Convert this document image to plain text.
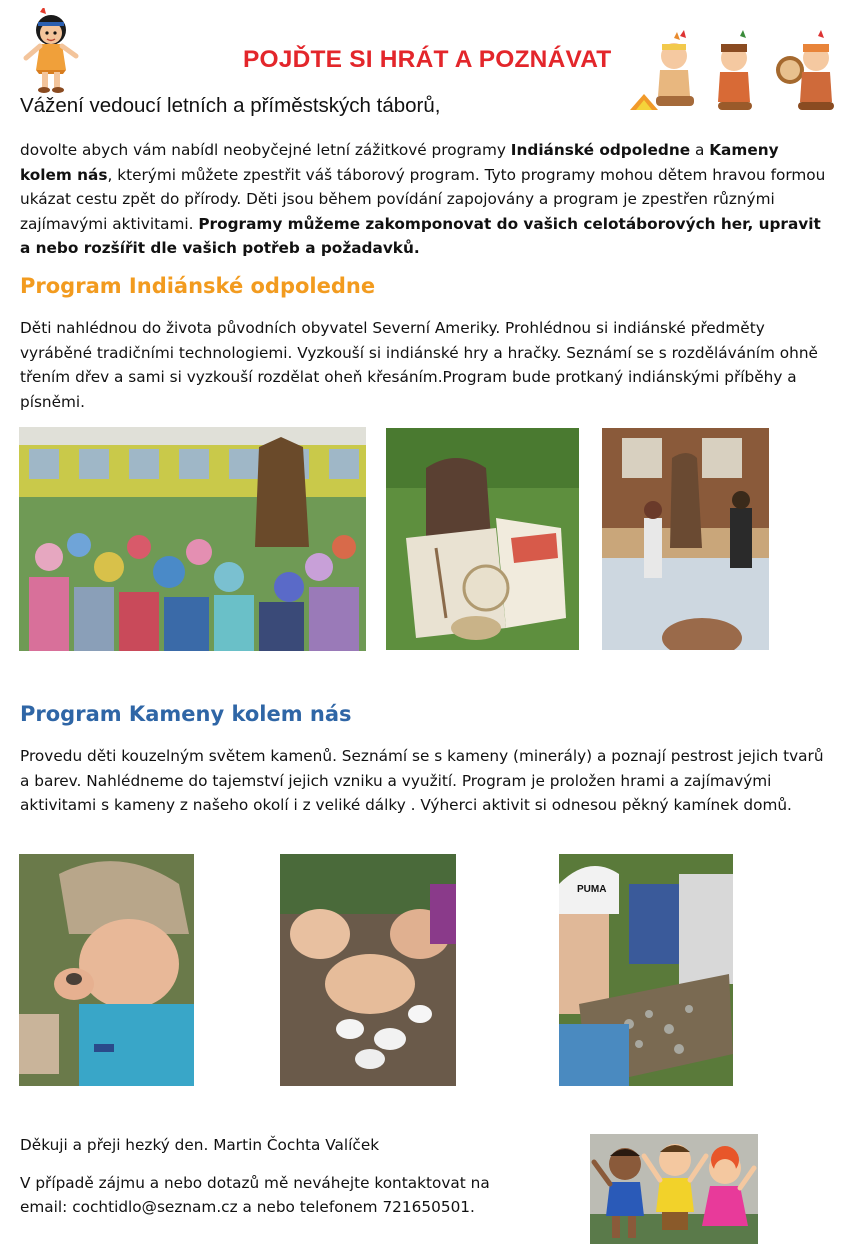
POJĎTE SI HRÁT A POZNÁVAT
Vážení vedoucí letních a příměstských táborů,
dovolte abych vám nabídl neobyčejné letní zážitkové programy Indiánské odpoledne a Kameny kolem nás, kterými můžete zpestřit váš táborový program. Tyto programy mohou dětem hravou formou ukázat cestu zpět do přírody. Děti jsou během povídání zapojovány a program je zpestřen různými zajímavými aktivitami. Programy můžeme zakomponovat do vašich celotáborových her, upravit a nebo rozšířit dle vašich potřeb a požadavků.
Program Indiánské odpoledne
Děti nahlédnou do života původních obyvatel Severní Ameriky. Prohlédnou si indiánské předměty vyráběné tradičními technologiemi. Vyzkouší si indiánské hry a hračky. Seznámí se s rozděláváním ohně třením dřev a sami si vyzkouší rozdělat oheň křesáním.Program bude protkaný indiánskými příběhy a písněmi.
Program Kameny kolem nás
Provedu děti kouzelným světem kamenů. Seznámí se s kameny (minerály) a poznají pestrost jejich tvarů a barev. Nahlédneme do tajemství jejich vzniku a využití. Program je proložen hrami a zajímavými aktivitami s kameny z našeho okolí i z veliké dálky . Výherci aktivit si odnesou pěkný kamínek domů.
PUMA
Děkuji a přeji hezký den. Martin Čochta Valíček
V případě zájmu a nebo dotazů mě neváhejte kontaktovat na
email: cochtidlo@seznam.cz a nebo telefonem 721650501.
